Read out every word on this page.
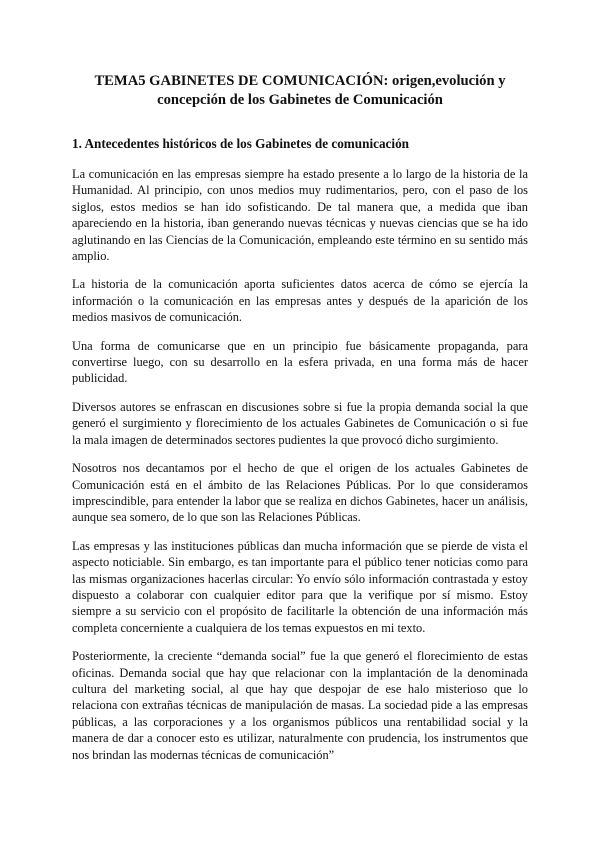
TEMA5 GABINETES DE COMUNICACIÓN: origen,evolución y
concepción de los Gabinetes de Comunicación
1. Antecedentes históricos de los Gabinetes de comunicación

La comunicación en las empresas siempre ha estado presente a lo largo de la historia de la Humanidad. Al principio, con unos medios muy rudimentarios, pero, con el paso de los siglos, estos medios se han ido sofisticando. De tal manera que, a medida que iban apareciendo en la historia, iban generando nuevas técnicas y nuevas ciencias que se ha ido aglutinando en las Ciencias de la Comunicación, empleando este término en su sentido más amplio.

La historia de la comunicación aporta suficientes datos acerca de cómo se ejercía la información o la comunicación en las empresas antes y después de la aparición de los medios masivos de comunicación.

Una forma de comunicarse que en un principio fue básicamente propaganda, para convertirse luego, con su desarrollo en la esfera privada, en una forma más de hacer publicidad.

Diversos autores se enfrascan en discusiones sobre si fue la propia demanda social la que generó el surgimiento y florecimiento de los actuales Gabinetes de Comunicación o si fue la mala imagen de determinados sectores pudientes la que provocó dicho surgimiento.

Nosotros nos decantamos por el hecho de que el origen de los actuales Gabinetes de Comunicación está en el ámbito de las Relaciones Públicas. Por lo que consideramos imprescindible, para entender la labor que se realiza en dichos Gabinetes, hacer un análisis, aunque sea somero, de lo que son las Relaciones Públicas.

Las empresas y las instituciones públicas dan mucha información que se pierde de vista el aspecto noticiable. Sin embargo, es tan importante para el público tener noticias como para las mismas organizaciones hacerlas circular: Yo envío sólo información contrastada y estoy dispuesto a colaborar con cualquier editor para que la verifique por sí mismo. Estoy siempre a su servicio con el propósito de facilitarle la obtención de una información más completa concerniente a cualquiera de los temas expuestos en mi texto.

Posteriormente, la creciente “demanda social” fue la que generó el florecimiento de estas oficinas. Demanda social que hay que relacionar con la implantación de la denominada cultura del marketing social, al que hay que despojar de ese halo misterioso que lo relaciona con extrañas técnicas de manipulación de masas. La sociedad pide a las empresas públicas, a las corporaciones y a los organismos públicos una rentabilidad social y la manera de dar a conocer esto es utilizar, naturalmente con prudencia, los instrumentos que nos brindan las modernas técnicas de comunicación”
